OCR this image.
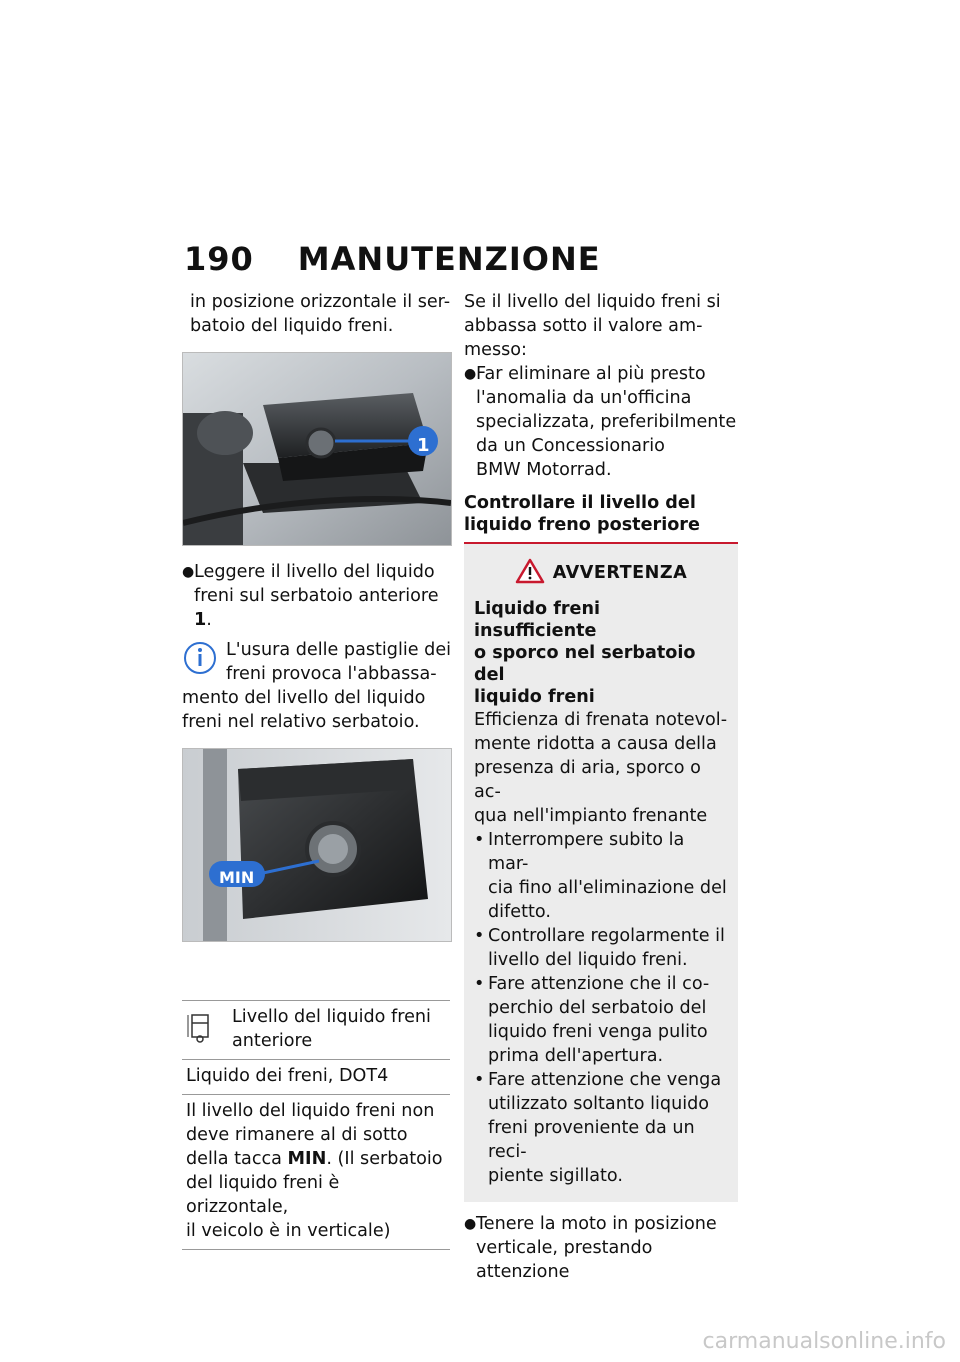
190 MANUTENZIONE

in posizione orizzontale il ser-
batoio del liquido freni.

1
● Leggere il livello del liquido
freni sul serbatoio anteriore 1.

L'usura delle pastiglie dei
freni provoca l'abbassa-

mento del livello del liquido
freni nel relativo serbatoio.

MIN
Livello del liquido freni
anteriore
Liquido dei freni, DOT4

Il livello del liquido freni non
deve rimanere al di sotto
della tacca MIN. (Il serbatoio
del liquido freni è orizzontale,
il veicolo è in verticale)

Se il livello del liquido freni si
abbassa sotto il valore am-
messo:

● Far eliminare al più presto
l'anomalia da un'officina
specializzata, preferibilmente
da un Concessionario
BMW Motorrad.

Controllare il livello del
liquido freno posteriore

AVVERTENZA

Liquido freni insufficiente
o sporco nel serbatoio del
liquido freni

Efficienza di frenata notevol-
mente ridotta a causa della
presenza di aria, sporco o ac-
qua nell'impianto frenante

• Interrompere subito la mar-
cia fino all'eliminazione del
difetto.
• Controllare regolarmente il
livello del liquido freni.
• Fare attenzione che il co-
perchio del serbatoio del
liquido freni venga pulito
prima dell'apertura.
• Fare attenzione che venga
utilizzato soltanto liquido
freni proveniente da un reci-
piente sigillato.
● Tenere la moto in posizione
verticale, prestando attenzione
carmanualsonline.info
